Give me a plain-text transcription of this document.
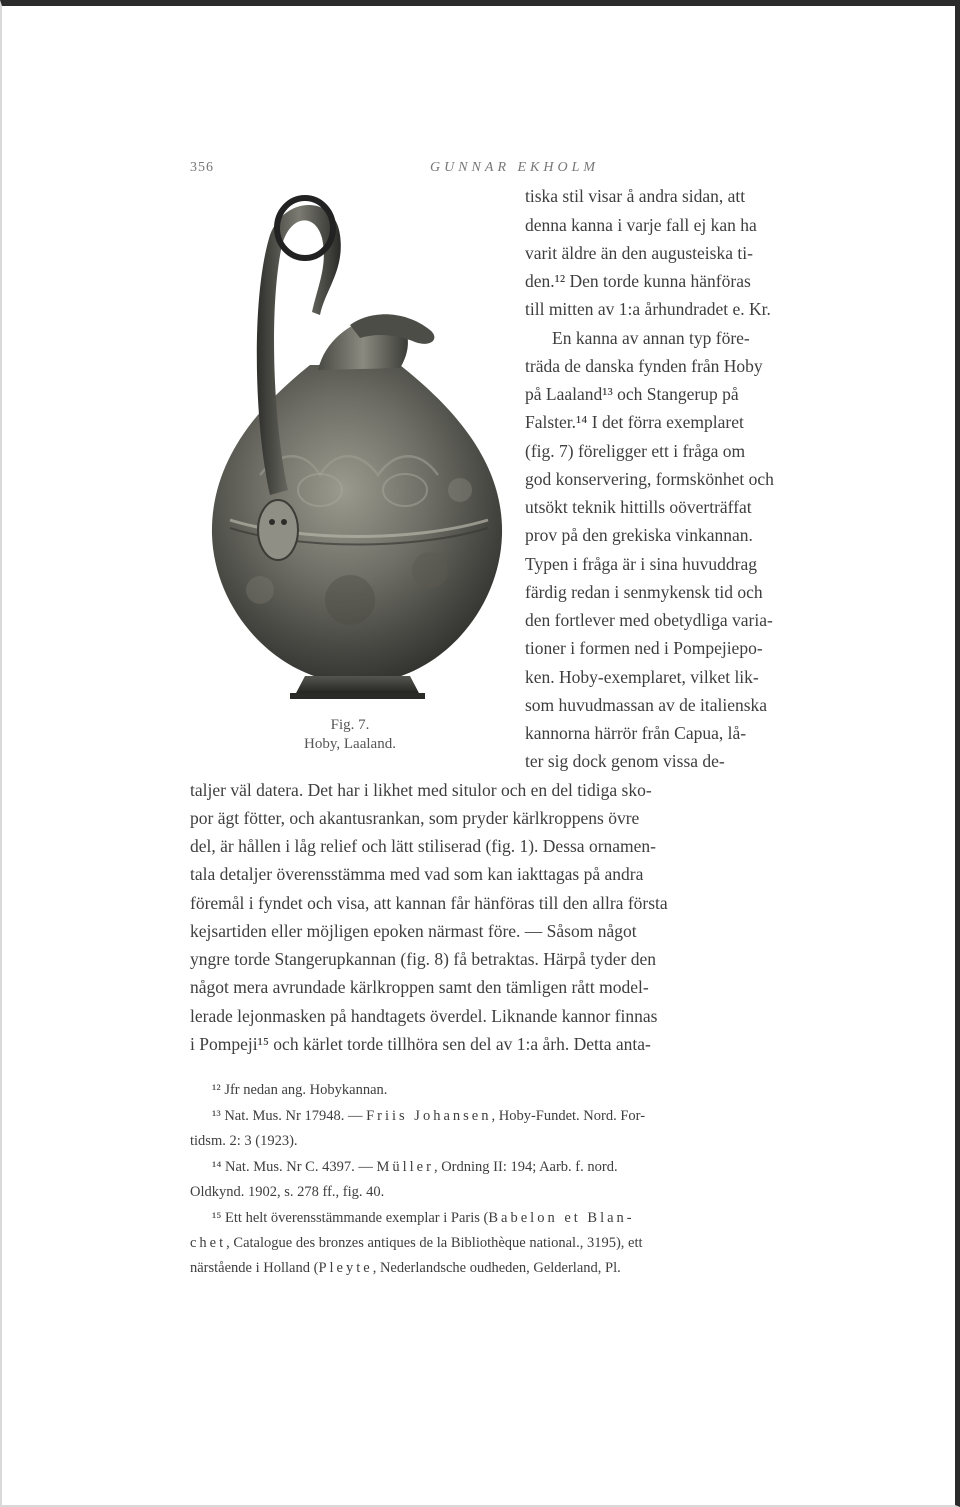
356	GUNNAR EKHOLM
Fig. 7.
Hoby, Laaland.
tiska stil visar å andra sidan, att
denna kanna i varje fall ej kan ha
varit äldre än den augusteiska ti-
den.¹² Den torde kunna hänföras
till mitten av 1:a århundradet e. Kr.
En kanna av annan typ före-
träda de danska fynden från Hoby
på Laaland¹³ och Stangerup på
Falster.¹⁴ I det förra exemplaret
(fig. 7) föreligger ett i fråga om
god konservering, formskönhet och
utsökt teknik hittills oöverträffat
prov på den grekiska vinkannan.
Typen i fråga är i sina huvuddrag
färdig redan i senmykensk tid och
den fortlever med obetydliga varia-
tioner i formen ned i Pompejiepo-
ken. Hoby-exemplaret, vilket lik-
som huvudmassan av de italienska
kannorna härrör från Capua, lå-
ter sig dock genom vissa de-
taljer väl datera. Det har i likhet med situlor och en del tidiga sko-
por ägt fötter, och akantusrankan, som pryder kärlkroppens övre
del, är hållen i låg relief och lätt stiliserad (fig. 1). Dessa ornamen-
tala detaljer överensstämma med vad som kan iakttagas på andra
föremål i fyndet och visa, att kannan får hänföras till den allra första
kejsartiden eller möjligen epoken närmast före. — Såsom något
yngre torde Stangerupkannan (fig. 8) få betraktas. Härpå tyder den
något mera avrundade kärlkroppen samt den tämligen rått model-
lerade lejonmasken på handtagets överdel. Liknande kannor finnas
i Pompeji¹⁵ och kärlet torde tillhöra sen del av 1:a årh. Detta anta-
¹² Jfr nedan ang. Hobykannan.
¹³ Nat. Mus. Nr 17948. — Friis Johansen, Hoby-Fundet. Nord. For-
tidsm. 2: 3 (1923).
¹⁴ Nat. Mus. Nr C. 4397. — Müller, Ordning II: 194; Aarb. f. nord.
Oldkynd. 1902, s. 278 ff., fig. 40.
¹⁵ Ett helt överensstämmande exemplar i Paris (Babelon et Blan-
chet, Catalogue des bronzes antiques de la Bibliothèque national., 3195), ett
närstående i Holland (Pleyte, Nederlandsche oudheden, Gelderland, Pl.
